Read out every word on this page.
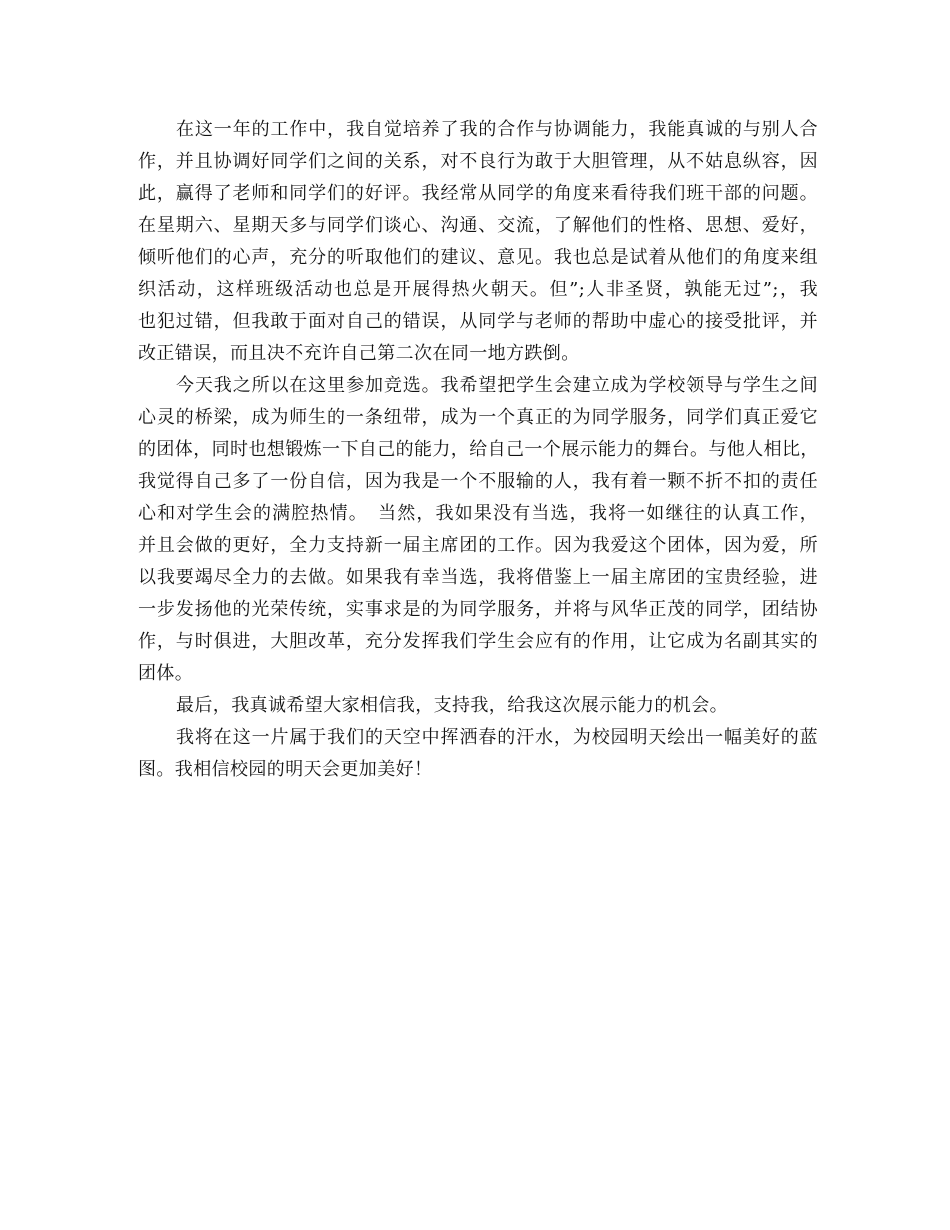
在这一年的工作中，我自觉培养了我的合作与协调能力，我能真诚的与别人合
作，并且协调好同学们之间的关系，对不良行为敢于大胆管理，从不姑息纵容，因
此，赢得了老师和同学们的好评。我经常从同学的角度来看待我们班干部的问题。
在星期六、星期天多与同学们谈心、沟通、交流，了解他们的性格、思想、爱好，
倾听他们的心声，充分的听取他们的建议、意见。我也总是试着从他们的角度来组
织活动，这样班级活动也总是开展得热火朝天。但”;人非圣贤，孰能无过”;，我
也犯过错，但我敢于面对自己的错误，从同学与老师的帮助中虚心的接受批评，并
改正错误，而且决不充许自己第二次在同一地方跌倒。
今天我之所以在这里参加竞选。我希望把学生会建立成为学校领导与学生之间
心灵的桥梁，成为师生的一条纽带，成为一个真正的为同学服务，同学们真正爱它
的团体，同时也想锻炼一下自己的能力，给自己一个展示能力的舞台。与他人相比，
我觉得自己多了一份自信，因为我是一个不服输的人，我有着一颗不折不扣的责任
心和对学生会的满腔热情。　当然，我如果没有当选，我将一如继往的认真工作，
并且会做的更好，全力支持新一届主席团的工作。因为我爱这个团体，因为爱，所
以我要竭尽全力的去做。如果我有幸当选，我将借鉴上一届主席团的宝贵经验，进
一步发扬他的光荣传统，实事求是的为同学服务，并将与风华正茂的同学，团结协
作，与时俱进，大胆改革，充分发挥我们学生会应有的作用，让它成为名副其实的
团体。
最后，我真诚希望大家相信我，支持我，给我这次展示能力的机会。
我将在这一片属于我们的天空中挥洒春的汗水，为校园明天绘出一幅美好的蓝
图。我相信校园的明天会更加美好！
